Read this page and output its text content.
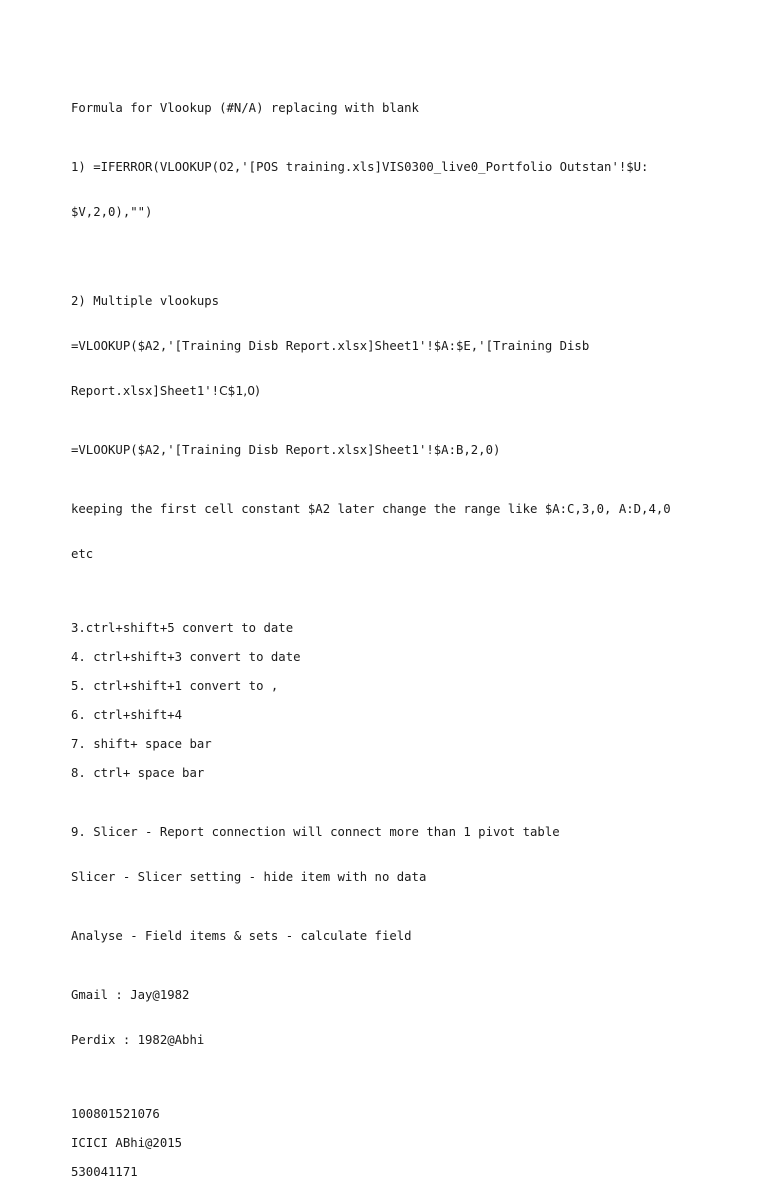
Formula for Vlookup (#N/A) replacing with blank

1) =IFERROR(VLOOKUP(O2,'[POS training.xls]VIS0300_live0_Portfolio Outstan'!$U:

$V,2,0),"")

2) Multiple vlookups

=VLOOKUP($A2,'[Training Disb Report.xlsx]Sheet1'!$A:$E,'[Training Disb

Report.xlsx]Sheet1'!C$1,0)

=VLOOKUP($A2,'[Training Disb Report.xlsx]Sheet1'!$A:B,2,0)

keeping the first cell constant $A2 later change the range like $A:C,3,0, A:D,4,0

etc

3.ctrl+shift+5 convert to date

4. ctrl+shift+3 convert to date

5. ctrl+shift+1 convert to ,

6. ctrl+shift+4

7. shift+ space bar

8. ctrl+ space bar

9. Slicer - Report connection will connect more than 1 pivot table

Slicer - Slicer setting - hide item with no data

Analyse - Field items & sets - calculate field

Gmail : Jay@1982

Perdix : 1982@Abhi

100801521076

ICICI ABhi@2015

530041171
